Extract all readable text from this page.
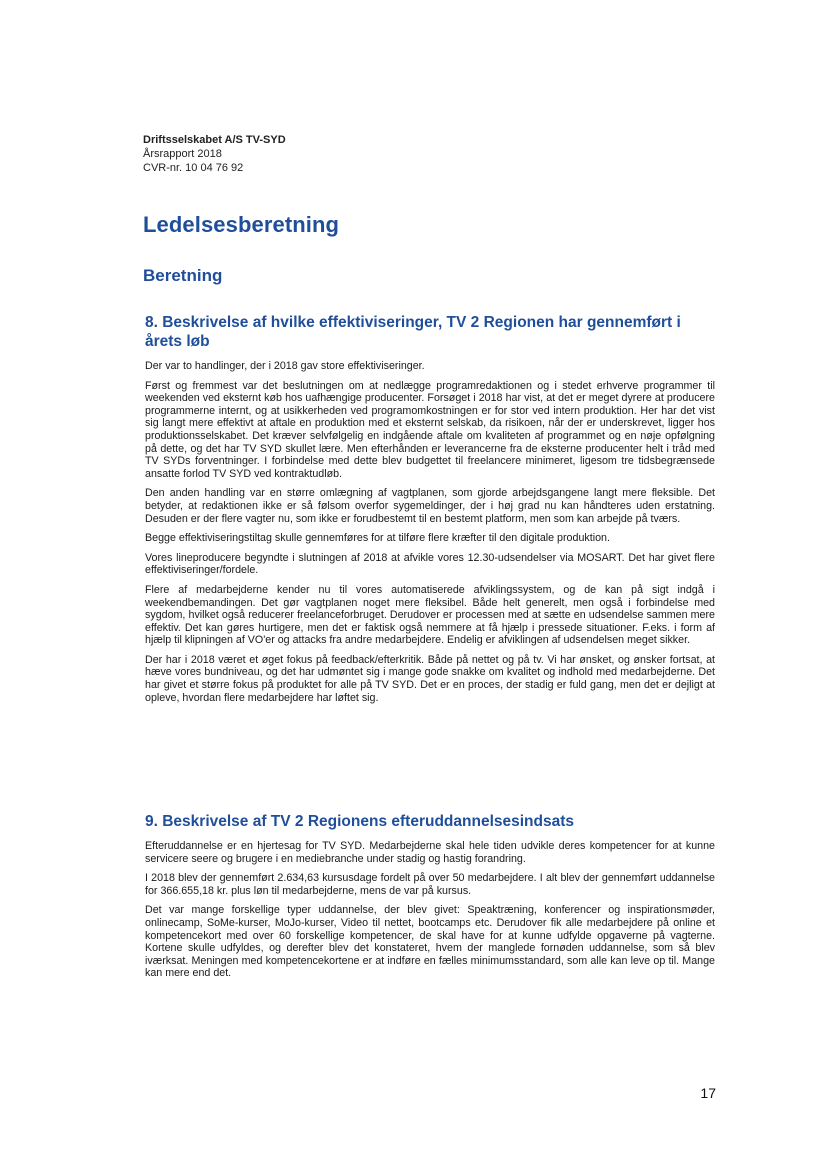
Driftsselskabet A/S TV-SYD
Årsrapport 2018
CVR-nr. 10 04 76 92
Ledelsesberetning
Beretning
8. Beskrivelse af hvilke effektiviseringer, TV 2 Regionen har gennemført i årets løb

Der var to handlinger, der i 2018 gav store effektiviseringer.

Først og fremmest var det beslutningen om at nedlægge programredaktionen og i stedet erhverve programmer til weekenden ved eksternt køb hos uafhængige producenter. Forsøget i 2018 har vist, at det er meget dyrere at producere programmerne internt, og at usikkerheden ved programomkostningen er for stor ved intern produktion. Her har det vist sig langt mere effektivt at aftale en produktion med et eksternt selskab, da risikoen, når der er underskrevet, ligger hos produktionsselskabet. Det kræver selvfølgelig en indgående aftale om kvaliteten af programmet og en nøje opfølgning på dette, og det har TV SYD skullet lære. Men efterhånden er leverancerne fra de eksterne producenter helt i tråd med TV SYDs forventninger. I forbindelse med dette blev budgettet til freelancere minimeret, ligesom tre tidsbegrænsede ansatte forlod TV SYD ved kontraktudløb.

Den anden handling var en større omlægning af vagtplanen, som gjorde arbejdsgangene langt mere fleksible. Det betyder, at redaktionen ikke er så følsom overfor sygemeldinger, der i høj grad nu kan håndteres uden erstatning. Desuden er der flere vagter nu, som ikke er forudbestemt til en bestemt platform, men som kan arbejde på tværs.

Begge effektiviseringstiltag skulle gennemføres for at tilføre flere kræfter til den digitale produktion.

Vores lineproducere begyndte i slutningen af 2018 at afvikle vores 12.30-udsendelser via MOSART. Det har givet flere effektiviseringer/fordele.

Flere af medarbejderne kender nu til vores automatiserede afviklingssystem, og de kan på sigt indgå i weekendbemandingen. Det gør vagtplanen noget mere fleksibel. Både helt generelt, men også i forbindelse med sygdom, hvilket også reducerer freelanceforbruget. Derudover er processen med at sætte en udsendelse sammen mere effektiv. Det kan gøres hurtigere, men det er faktisk også nemmere at få hjælp i pressede situationer. F.eks. i form af hjælp til klipningen af VO'er og attacks fra andre medarbejdere. Endelig er afviklingen af udsendelsen meget sikker.

Der har i 2018 været et øget fokus på feedback/efterkritik. Både på nettet og på tv. Vi har ønsket, og ønsker fortsat, at hæve vores bundniveau, og det har udmøntet sig i mange gode snakke om kvalitet og indhold med medarbejderne. Det har givet et større fokus på produktet for alle på TV SYD. Det er en proces, der stadig er fuld gang, men det er dejligt at opleve, hvordan flere medarbejdere har løftet sig.

9. Beskrivelse af TV 2 Regionens efteruddannelsesindsats

Efteruddannelse er en hjertesag for TV SYD. Medarbejderne skal hele tiden udvikle deres kompetencer for at kunne servicere seere og brugere i en mediebranche under stadig og hastig forandring.

I 2018 blev der gennemført 2.634,63 kursusdage fordelt på over 50 medarbejdere. I alt blev der gennemført uddannelse for 366.655,18 kr. plus løn til medarbejderne, mens de var på kursus.

Det var mange forskellige typer uddannelse, der blev givet: Speaktræning, konferencer og inspirationsmøder, onlinecamp, SoMe-kurser, MoJo-kurser, Video til nettet, bootcamps etc. Derudover fik alle medarbejdere på online et kompetencekort med over 60 forskellige kompetencer, de skal have for at kunne udfylde opgaverne på vagterne. Kortene skulle udfyldes, og derefter blev det konstateret, hvem der manglede fornøden uddannelse, som så blev iværksat. Meningen med kompetencekortene er at indføre en fælles minimumsstandard, som alle kan leve op til. Mange kan mere end det.

17
